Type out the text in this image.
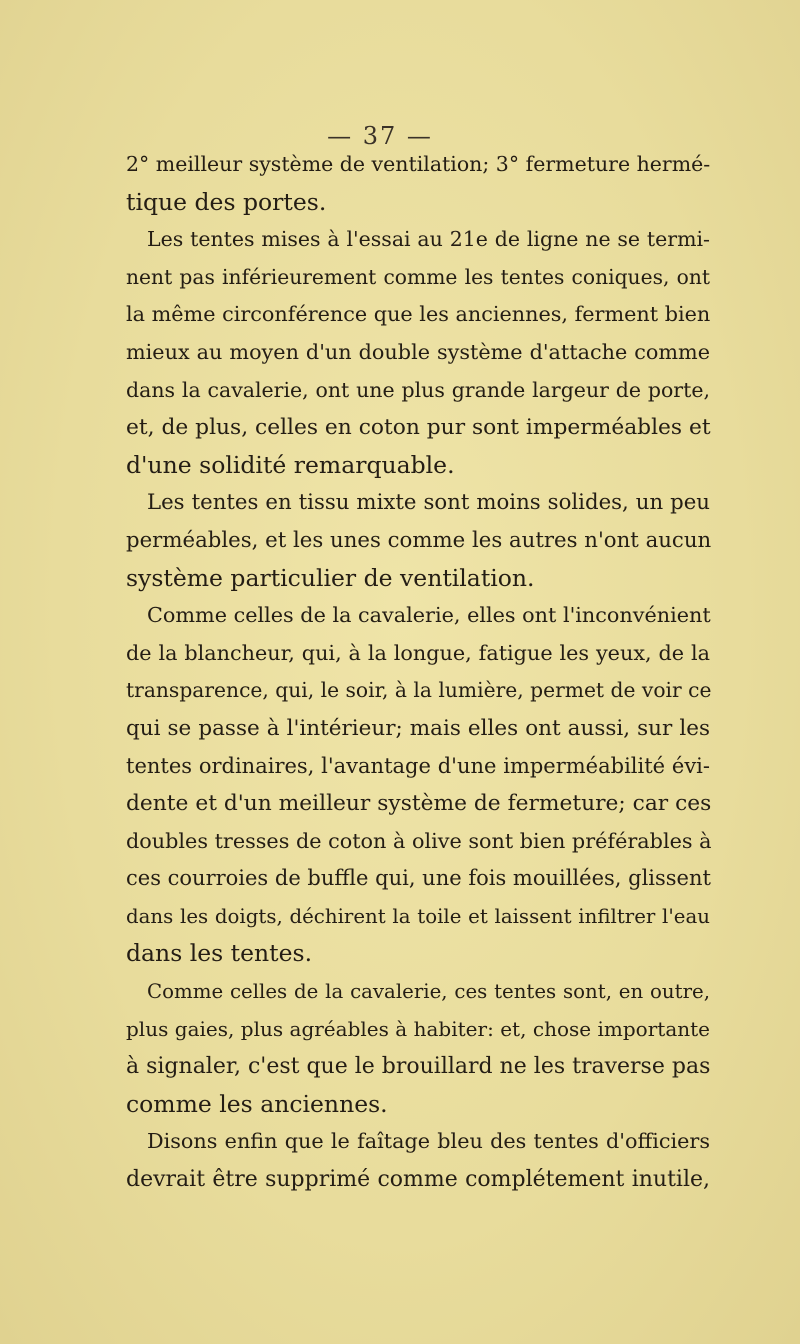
— 37 —
2° meilleur système de ventilation; 3° fermeture hermé-
tique des portes.
Les tentes mises à l'essai au 21e de ligne ne se termi-
nent pas inférieurement comme les tentes coniques, ont
la même circonférence que les anciennes, ferment bien
mieux au moyen d'un double système d'attache comme
dans la cavalerie, ont une plus grande largeur de porte,
et, de plus, celles en coton pur sont imperméables et
d'une solidité remarquable.
Les tentes en tissu mixte sont moins solides, un peu
perméables, et les unes comme les autres n'ont aucun
système particulier de ventilation.
Comme celles de la cavalerie, elles ont l'inconvénient
de la blancheur, qui, à la longue, fatigue les yeux, de la
transparence, qui, le soir, à la lumière, permet de voir ce
qui se passe à l'intérieur; mais elles ont aussi, sur les
tentes ordinaires, l'avantage d'une imperméabilité évi-
dente et d'un meilleur système de fermeture; car ces
doubles tresses de coton à olive sont bien préférables à
ces courroies de buffle qui, une fois mouillées, glissent
dans les doigts, déchirent la toile et laissent infiltrer l'eau
dans les tentes.
Comme celles de la cavalerie, ces tentes sont, en outre,
plus gaies, plus agréables à habiter: et, chose importante
à signaler, c'est que le brouillard ne les traverse pas
comme les anciennes.
Disons enfin que le faîtage bleu des tentes d'officiers
devrait être supprimé comme complétement inutile,
